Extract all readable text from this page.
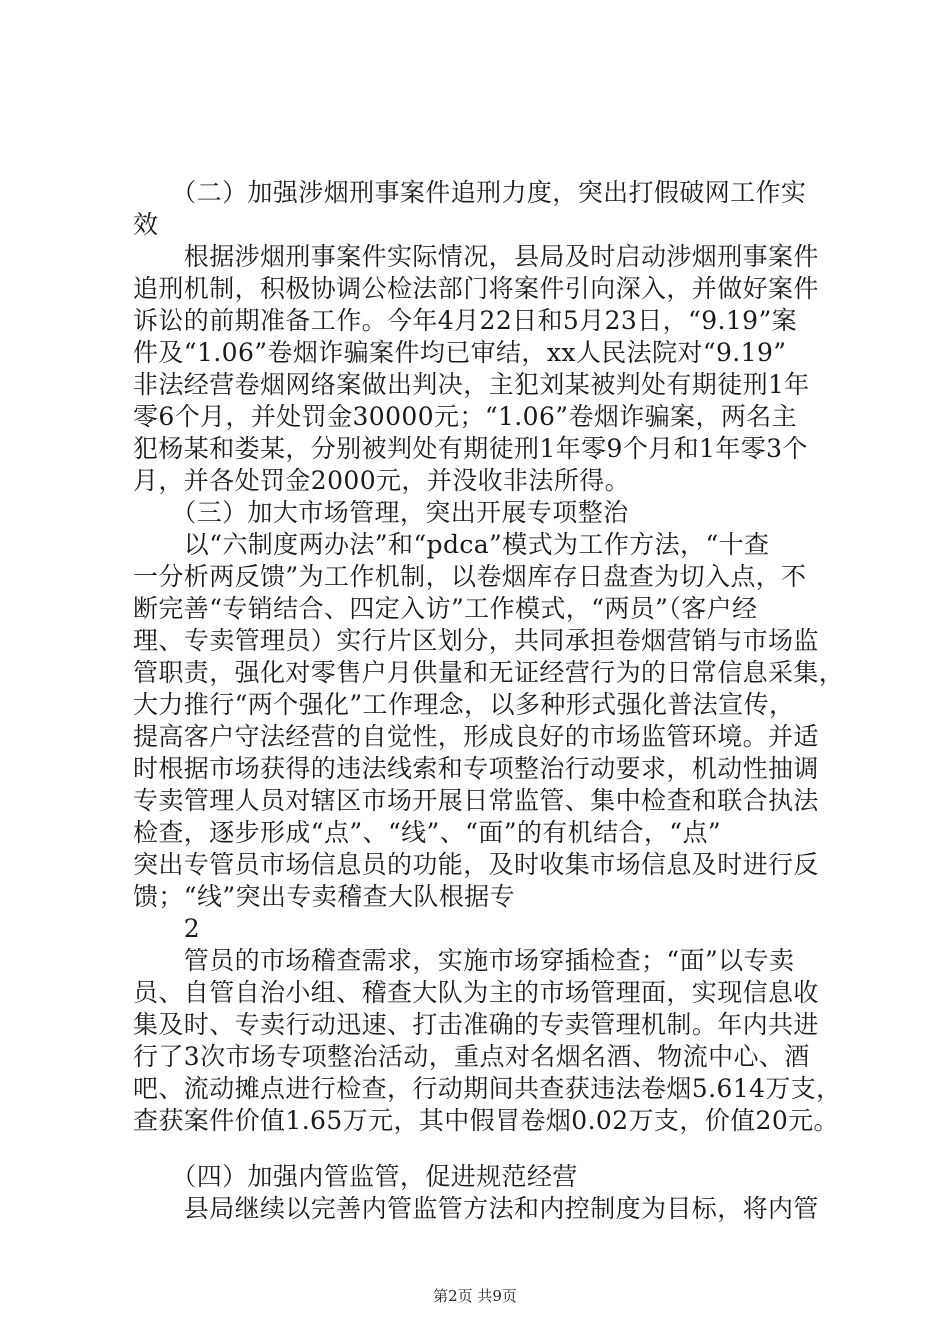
　　（二）加强涉烟刑事案件追刑力度，突出打假破网工作实
效
　　根据涉烟刑事案件实际情况，县局及时启动涉烟刑事案件
追刑机制，积极协调公检法部门将案件引向深入，并做好案件
诉讼的前期准备工作。今年4月22日和5月23日，“9.19”案
件及“1.06”卷烟诈骗案件均已审结，xx人民法院对“9.19”
非法经营卷烟网络案做出判决，主犯刘某被判处有期徒刑1年
零6个月，并处罚金30000元；“1.06”卷烟诈骗案，两名主
犯杨某和娄某，分别被判处有期徒刑1年零9个月和1年零3个
月，并各处罚金2000元，并没收非法所得。
　　（三）加大市场管理，突出开展专项整治
　　以“六制度两办法”和“pdca”模式为工作方法，“十查
一分析两反馈”为工作机制，以卷烟库存日盘查为切入点，不
断完善“专销结合、四定入访”工作模式，“两员”（客户经
理、专卖管理员）实行片区划分，共同承担卷烟营销与市场监
管职责，强化对零售户月供量和无证经营行为的日常信息采集，
大力推行“两个强化”工作理念，以多种形式强化普法宣传，
提高客户守法经营的自觉性，形成良好的市场监管环境。并适
时根据市场获得的违法线索和专项整治行动要求，机动性抽调
专卖管理人员对辖区市场开展日常监管、集中检查和联合执法
检查，逐步形成“点”、“线”、“面”的有机结合，“点”
突出专管员市场信息员的功能，及时收集市场信息及时进行反
馈；“线”突出专卖稽查大队根据专
　　2
　　管员的市场稽查需求，实施市场穿插检查；“面”以专卖
员、自管自治小组、稽查大队为主的市场管理面，实现信息收
集及时、专卖行动迅速、打击准确的专卖管理机制。年内共进
行了3次市场专项整治活动，重点对名烟名酒、物流中心、酒
吧、流动摊点进行检查，行动期间共查获违法卷烟5.614万支，
查获案件价值1.65万元，其中假冒卷烟0.02万支，价值20元。
　　（四）加强内管监管，促进规范经营
　　县局继续以完善内管监管方法和内控制度为目标，将内管
第2页 共9页
